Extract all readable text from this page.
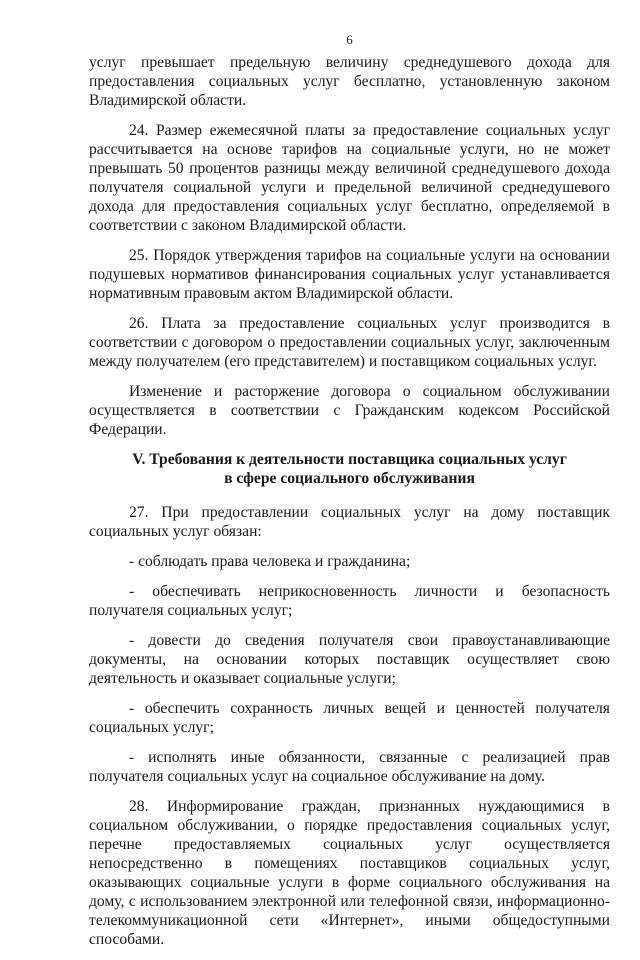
6

услуг превышает предельную величину среднедушевого дохода для предоставления социальных услуг бесплатно, установленную законом Владимирской области.

24. Размер ежемесячной платы за предоставление социальных услуг рассчитывается на основе тарифов на социальные услуги, но не может превышать 50 процентов разницы между величиной среднедушевого дохода получателя социальной услуги и предельной величиной среднедушевого дохода для предоставления социальных услуг бесплатно, определяемой в соответствии с законом Владимирской области.

25. Порядок утверждения тарифов на социальные услуги на основании подушевых нормативов финансирования социальных услуг устанавливается нормативным правовым актом Владимирской области.

26. Плата за предоставление социальных услуг производится в соответствии с договором о предоставлении социальных услуг, заключенным между получателем (его представителем) и поставщиком социальных услуг.

Изменение и расторжение договора о социальном обслуживании осуществляется в соответствии с Гражданским кодексом Российской Федерации.

V. Требования к деятельности поставщика социальных услуг
в сфере социального обслуживания

27. При предоставлении социальных услуг на дому поставщик социальных услуг обязан:

- соблюдать права человека и гражданина;

- обеспечивать неприкосновенность личности и безопасность получателя социальных услуг;

- довести до сведения получателя свои правоустанавливающие документы, на основании которых поставщик осуществляет свою деятельность и оказывает социальные услуги;

- обеспечить сохранность личных вещей и ценностей получателя социальных услуг;

- исполнять иные обязанности, связанные с реализацией прав получателя социальных услуг на социальное обслуживание на дому.

28. Информирование граждан, признанных нуждающимися в социальном обслуживании, о порядке предоставления социальных услуг, перечне предоставляемых социальных услуг осуществляется непосредственно в помещениях поставщиков социальных услуг, оказывающих социальные услуги в форме социального обслуживания на дому, с использованием электронной или телефонной связи, информационно-телекоммуникационной сети «Интернет», иными общедоступными способами.
